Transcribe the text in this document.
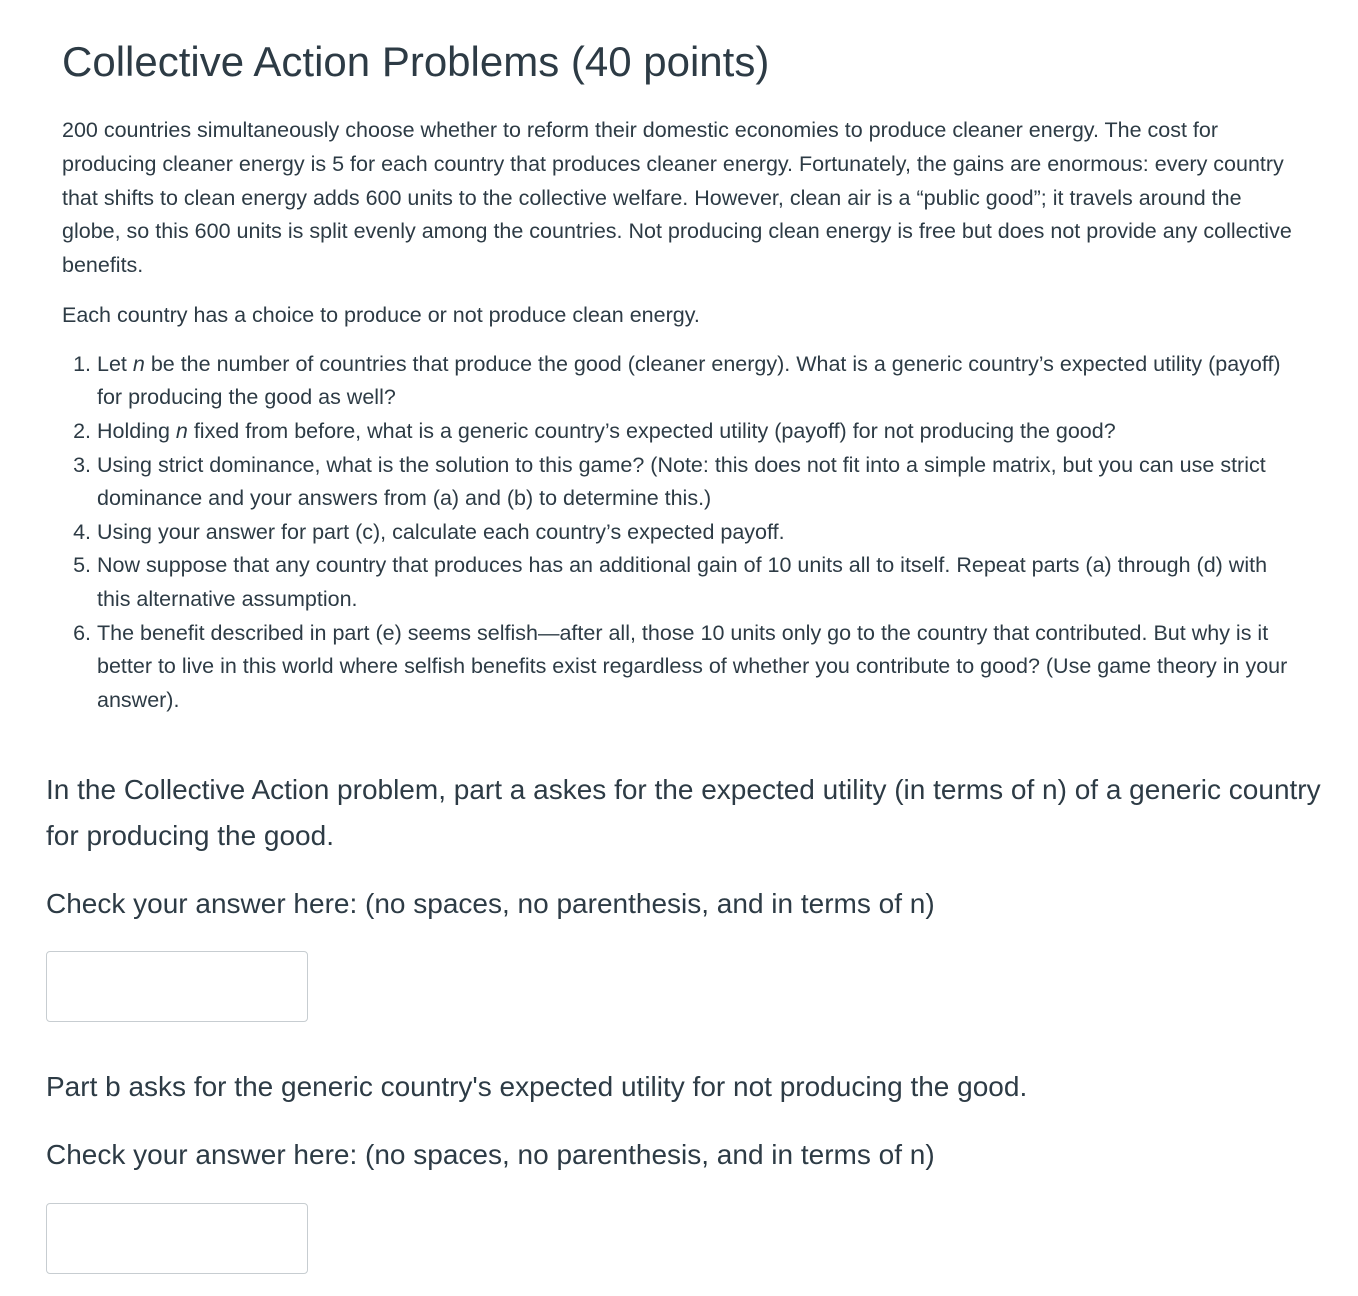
Collective Action Problems (40 points)

200 countries simultaneously choose whether to reform their domestic economies to produce cleaner energy. The cost for producing cleaner energy is 5 for each country that produces cleaner energy. Fortunately, the gains are enormous: every country that shifts to clean energy adds 600 units to the collective welfare. However, clean air is a “public good”; it travels around the globe, so this 600 units is split evenly among the countries. Not producing clean energy is free but does not provide any collective benefits.

Each country has a choice to produce or not produce clean energy.

1. Let n be the number of countries that produce the good (cleaner energy). What is a generic country’s expected utility (payoff) for producing the good as well?
2. Holding n fixed from before, what is a generic country’s expected utility (payoff) for not producing the good?
3. Using strict dominance, what is the solution to this game? (Note: this does not fit into a simple matrix, but you can use strict dominance and your answers from (a) and (b) to determine this.)
4. Using your answer for part (c), calculate each country’s expected payoff.
5. Now suppose that any country that produces has an additional gain of 10 units all to itself. Repeat parts (a) through (d) with this alternative assumption.
6. The benefit described in part (e) seems selfish—after all, those 10 units only go to the country that contributed. But why is it better to live in this world where selfish benefits exist regardless of whether you contribute to good? (Use game theory in your answer).

In the Collective Action problem, part a askes for the expected utility (in terms of n) of a generic country for producing the good.

Check your answer here: (no spaces, no parenthesis, and in terms of n)

Part b asks for the generic country's expected utility for not producing the good.

Check your answer here: (no spaces, no parenthesis, and in terms of n)
